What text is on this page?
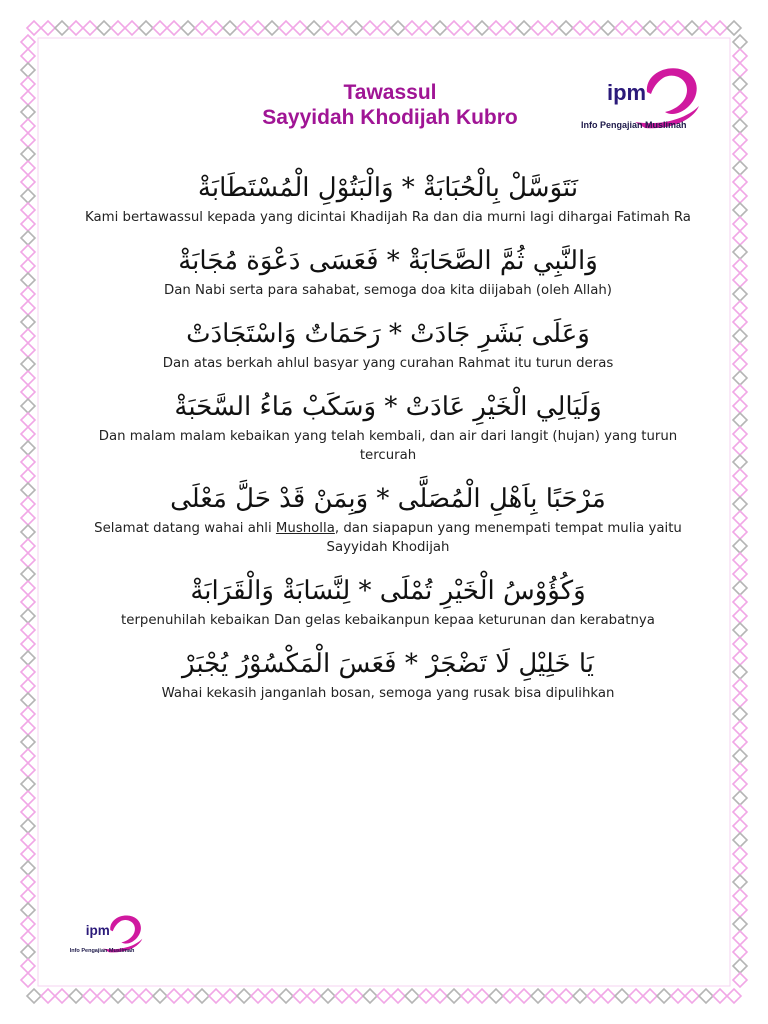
Tawassul
Sayyidah Khodijah Kubro
ipm
Info Pengajian Muslimah
نَتَوَسَّلْ بِالْحُبَابَةْ * وَالْبَتُوْلِ الْمُسْتَطَابَةْ
Kami bertawassul kepada yang dicintai Khadijah Ra dan dia murni lagi dihargai Fatimah Ra
وَالنَّبِي ثُمَّ الصَّحَابَةْ * فَعَسَى دَعْوَة مُجَابَةْ
Dan Nabi serta para sahabat, semoga doa kita diijabah (oleh Allah)
وَعَلَى بَشَرِ جَادَتْ * رَحَمَاتٌ وَاسْتَجَادَتْ
Dan atas berkah ahlul basyar yang curahan Rahmat itu turun deras
وَلَيَالِي الْخَيْرِ عَادَتْ * وَسَكَبْ مَاءُ السَّحَبَةْ
Dan malam malam kebaikan yang telah kembali, dan air dari langit (hujan) yang turun tercurah
مَرْحَبًا بِاَهْلِ الْمُصَلَّى * وَبِمَنْ قَدْ حَلَّ مَعْلَى
Selamat datang wahai ahli Musholla, dan siapapun yang menempati tempat mulia yaitu Sayyidah Khodijah
وَكُؤُوْسُ الْخَيْرِ تُمْلَى * لِنَّسَابَةْ وَالْقَرَابَةْ
terpenuhilah kebaikan Dan gelas kebaikanpun kepaa keturunan dan kerabatnya
يَا خَلِيْلِ لَا تَضْجَرْ * فَعَسَ الْمَكْسُوْرُ يُجْبَرْ
Wahai kekasih janganlah bosan, semoga yang rusak bisa dipulihkan
ipm
Info Pengajian Muslimah
